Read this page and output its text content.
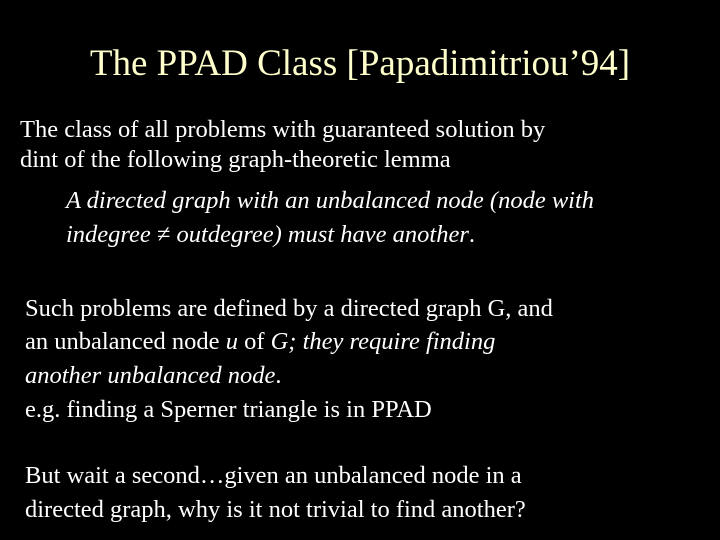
The PPAD Class [Papadimitriou’94]
The class of all problems with guaranteed solution by
dint of the following graph-theoretic lemma
A directed graph with an unbalanced node (node with
indegree ≠ outdegree) must have another.
Such problems are defined by a directed graph G, and
an unbalanced node u of G; they require finding
another unbalanced node.
e.g. finding a Sperner triangle is in PPAD
But wait a second…given an unbalanced node in a
directed graph, why is it not trivial to find another?
